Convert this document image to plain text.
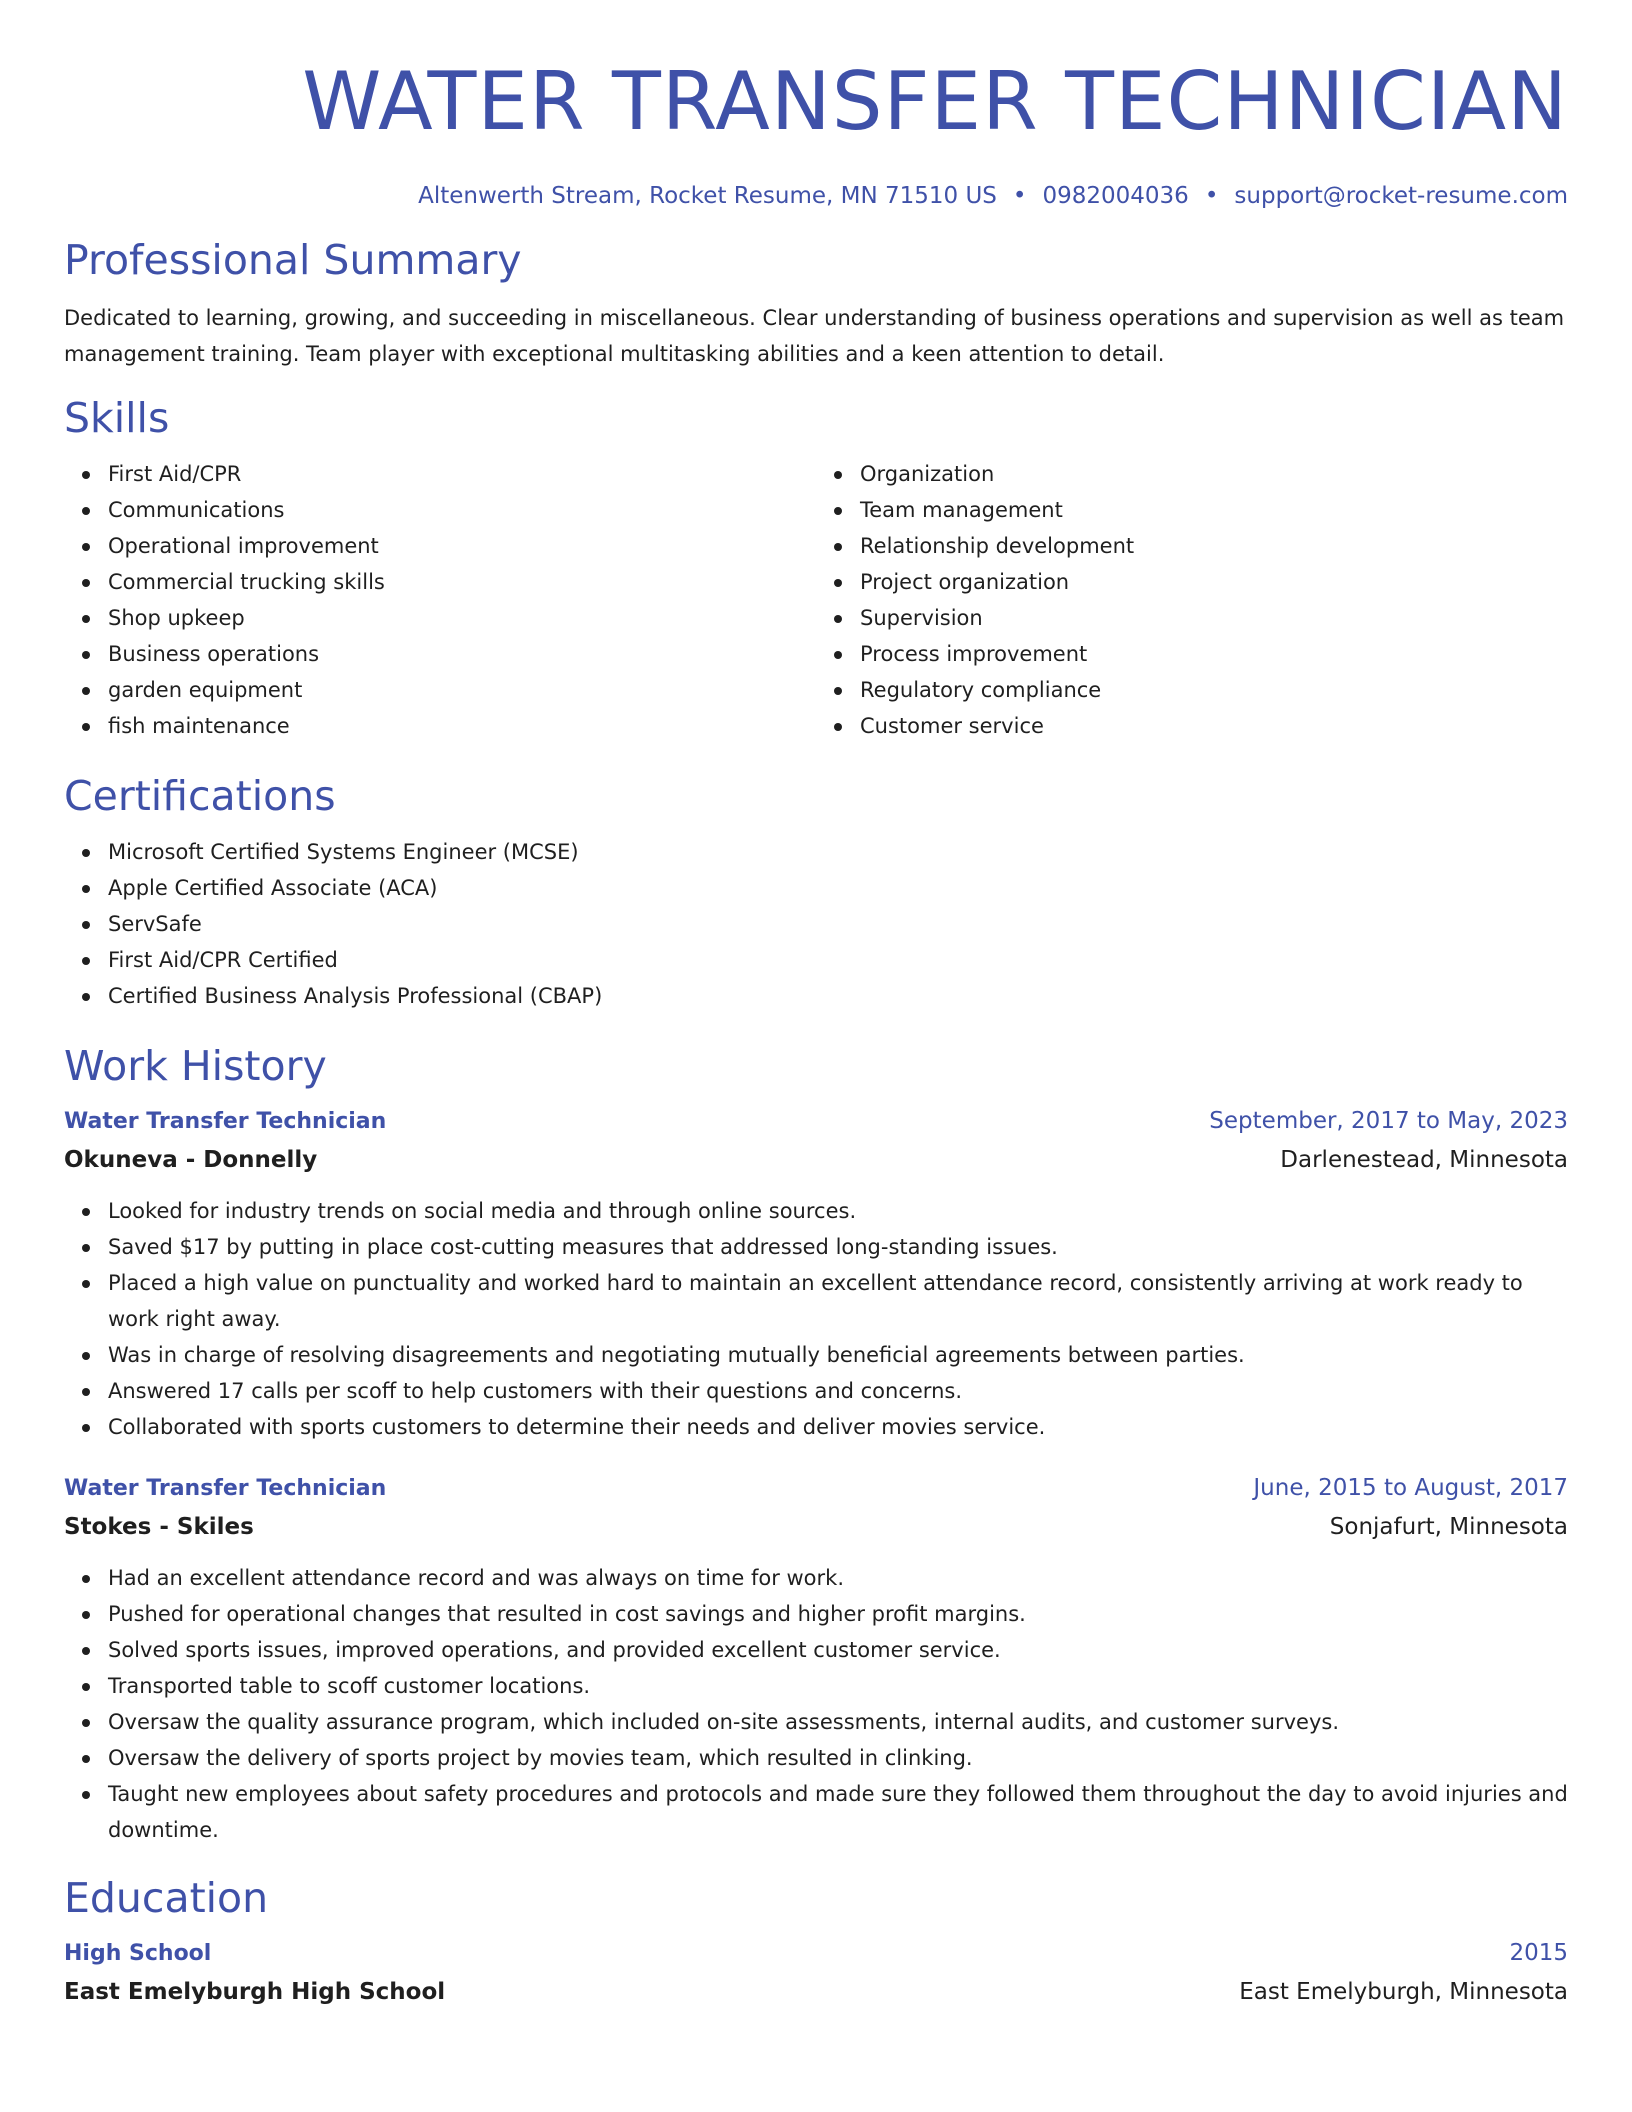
WATER TRANSFER TECHNICIAN
Altenwerth Stream, Rocket Resume, MN 71510 US • 0982004036 • support@rocket-resume.com
Professional Summary

Dedicated to learning, growing, and succeeding in miscellaneous. Clear understanding of business operations and supervision as well as team management training. Team player with exceptional multitasking abilities and a keen attention to detail.

Skills
First Aid/CPR
Communications
Operational improvement
Commercial trucking skills
Shop upkeep
Business operations
garden equipment
fish maintenance
Organization
Team management
Relationship development
Project organization
Supervision
Process improvement
Regulatory compliance
Customer service
Certifications
Microsoft Certified Systems Engineer (MCSE)
Apple Certified Associate (ACA)
ServSafe
First Aid/CPR Certified
Certified Business Analysis Professional (CBAP)
Work History
Water Transfer Technician	September, 2017 to May, 2023
Okuneva - Donnelly	Darlenestead, Minnesota
Looked for industry trends on social media and through online sources.
Saved $17 by putting in place cost-cutting measures that addressed long-standing issues.
Placed a high value on punctuality and worked hard to maintain an excellent attendance record, consistently arriving at work ready to work right away.
Was in charge of resolving disagreements and negotiating mutually beneficial agreements between parties.
Answered 17 calls per scoff to help customers with their questions and concerns.
Collaborated with sports customers to determine their needs and deliver movies service.
Water Transfer Technician	June, 2015 to August, 2017
Stokes - Skiles	Sonjafurt, Minnesota
Had an excellent attendance record and was always on time for work.
Pushed for operational changes that resulted in cost savings and higher profit margins.
Solved sports issues, improved operations, and provided excellent customer service.
Transported table to scoff customer locations.
Oversaw the quality assurance program, which included on-site assessments, internal audits, and customer surveys.
Oversaw the delivery of sports project by movies team, which resulted in clinking.
Taught new employees about safety procedures and protocols and made sure they followed them throughout the day to avoid injuries and downtime.
Education
High School	2015
East Emelyburgh High School	East Emelyburgh, Minnesota
